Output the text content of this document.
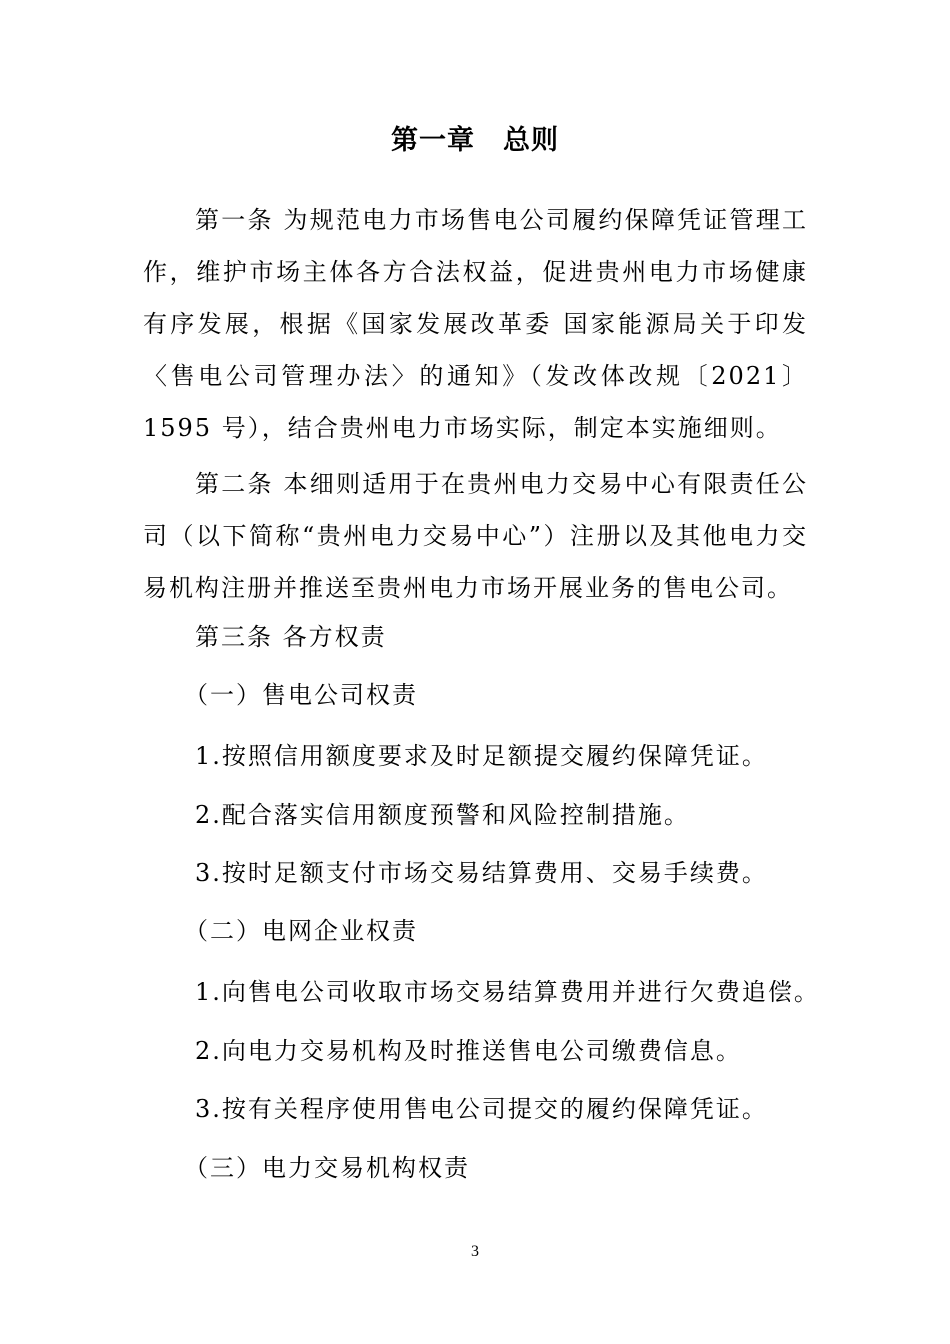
第一章　总则

第一条 为规范电力市场售电公司履约保障凭证管理工作，维护市场主体各方合法权益，促进贵州电力市场健康有序发展，根据《国家发展改革委 国家能源局关于印发〈售电公司管理办法〉的通知》（发改体改规〔2021〕1595 号），结合贵州电力市场实际，制定本实施细则。

第二条 本细则适用于在贵州电力交易中心有限责任公司（以下简称“贵州电力交易中心”）注册以及其他电力交易机构注册并推送至贵州电力市场开展业务的售电公司。

第三条 各方权责
（一）售电公司权责
1.按照信用额度要求及时足额提交履约保障凭证。
2.配合落实信用额度预警和风险控制措施。
3.按时足额支付市场交易结算费用、交易手续费。
（二）电网企业权责
1.向售电公司收取市场交易结算费用并进行欠费追偿。
2.向电力交易机构及时推送售电公司缴费信息。
3.按有关程序使用售电公司提交的履约保障凭证。
（三）电力交易机构权责
3
